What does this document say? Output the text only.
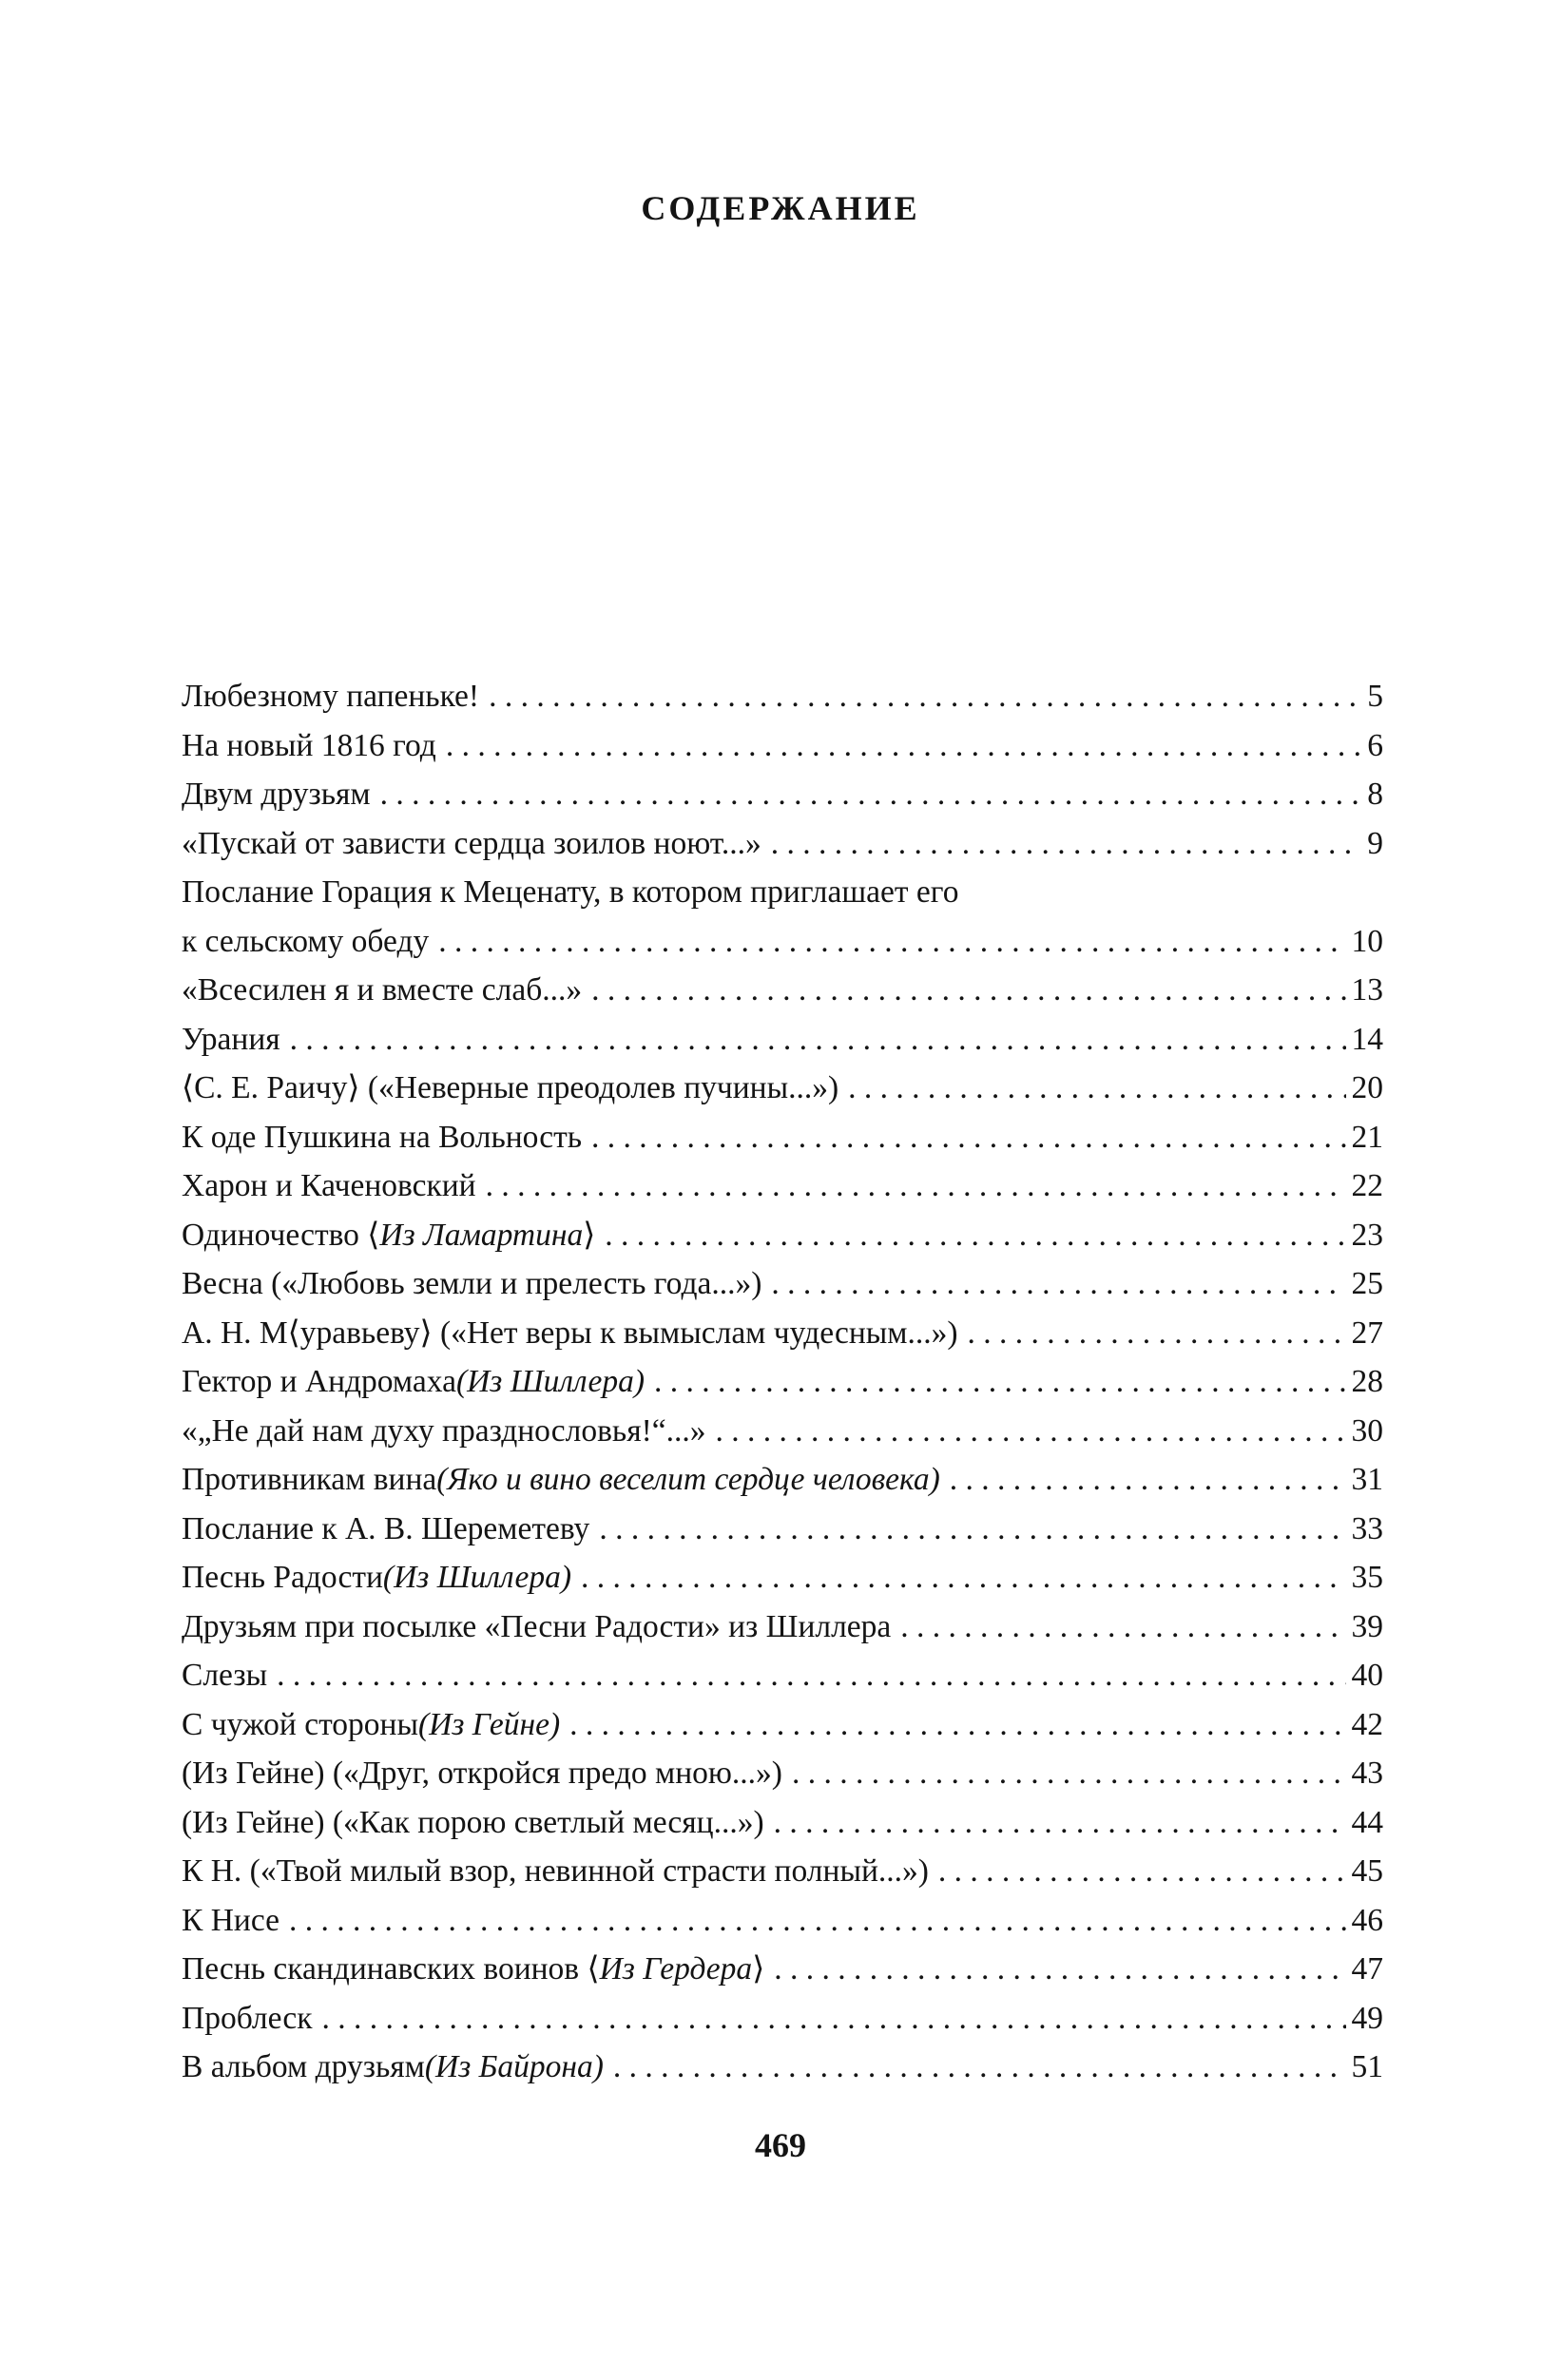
СОДЕРЖАНИЕ
Любезному папеньке! . . .	5
На новый 1816 год . . .	6
Двум друзьям . . .	8
«Пускай от зависти сердца зоилов ноют...» . . .	9
Послание Горация к Меценату, в котором приглашает его
к сельскому обеду . . .	10
«Всесилен я и вместе слаб...» . . .	13
Урания . . .	14
⟨С. Е. Раичу⟩ («Неверные преодолев пучины...») . . .	20
К оде Пушкина на Вольность . . .	21
Харон и Каченовский . . .	22
Одиночество ⟨ Из Ламартина ⟩ . . .	23
Весна («Любовь земли и прелесть года...») . . .	25
А. Н. М⟨уравьеву⟩ («Нет веры к вымыслам чудесным...») . . .	27
Гектор и Андромаха (Из Шиллера) . . .	28
«„Не дай нам духу празднословья!“...» . . .	30
Противникам вина (Яко и вино веселит сердце человека) . . .	31
Послание к А. В. Шереметеву . . .	33
Песнь Радости (Из Шиллера) . . .	35
Друзьям при посылке «Песни Радости» из Шиллера . . .	39
Слезы . . .	40
С чужой стороны (Из Гейне) . . .	42
(Из Гейне) («Друг, откройся предо мною...») . . .	43
(Из Гейне) («Как порою светлый месяц...») . . .	44
К Н. («Твой милый взор, невинной страсти полный...») . . .	45
К Нисе . . .	46
Песнь скандинавских воинов ⟨ Из Гердера ⟩ . . .	47
Проблеск . . .	49
В альбом друзьям (Из Байрона) . . .	51
469
